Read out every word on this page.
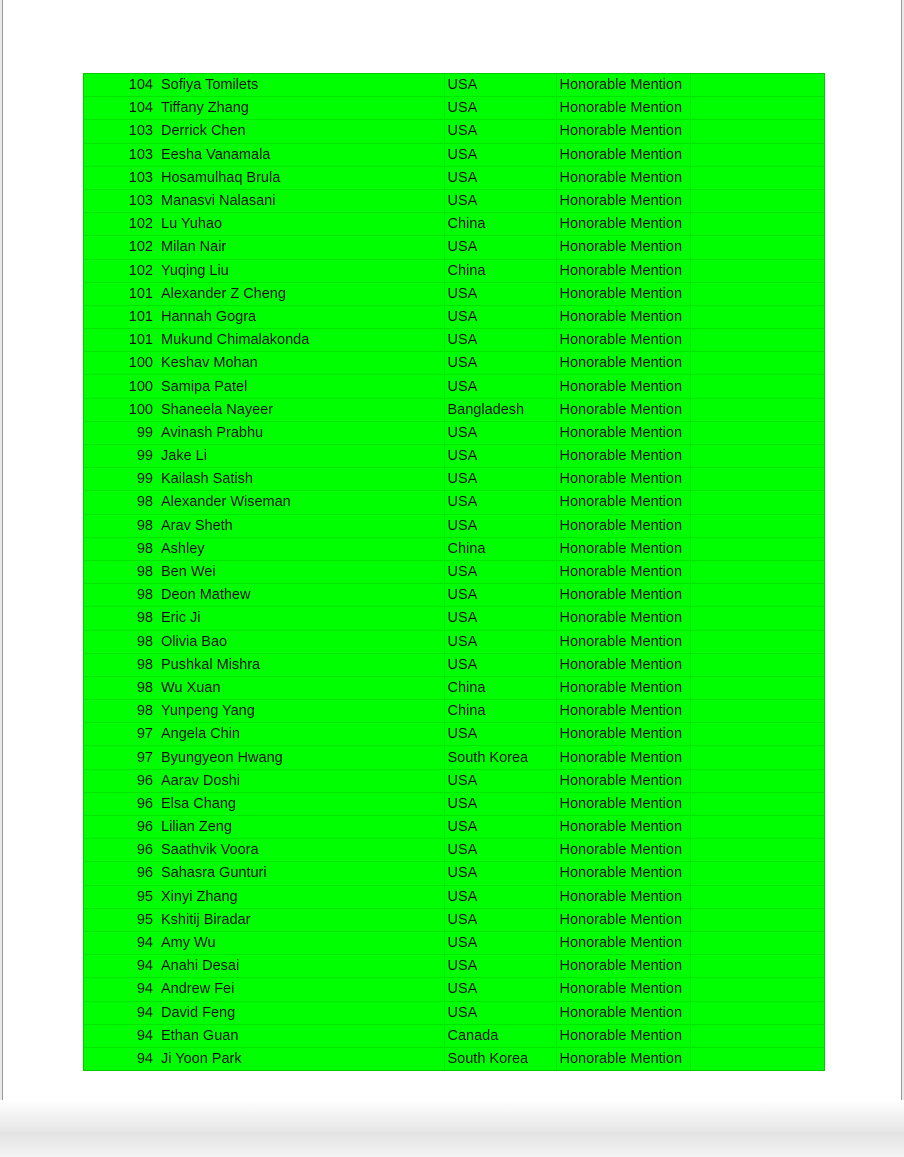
104	Sofiya Tomilets	USA	Honorable Mention	
104	Tiffany Zhang	USA	Honorable Mention	
103	Derrick Chen	USA	Honorable Mention	
103	Eesha Vanamala	USA	Honorable Mention	
103	Hosamulhaq Brula	USA	Honorable Mention	
103	Manasvi Nalasani	USA	Honorable Mention	
102	Lu Yuhao	China	Honorable Mention	
102	Milan Nair	USA	Honorable Mention	
102	Yuqing Liu	China	Honorable Mention	
101	Alexander Z Cheng	USA	Honorable Mention	
101	Hannah Gogra	USA	Honorable Mention	
101	Mukund Chimalakonda	USA	Honorable Mention	
100	Keshav Mohan	USA	Honorable Mention	
100	Samipa Patel	USA	Honorable Mention	
100	Shaneela Nayeer	Bangladesh	Honorable Mention	
99	Avinash Prabhu	USA	Honorable Mention	
99	Jake Li	USA	Honorable Mention	
99	Kailash Satish	USA	Honorable Mention	
98	Alexander Wiseman	USA	Honorable Mention	
98	Arav Sheth	USA	Honorable Mention	
98	Ashley	China	Honorable Mention	
98	Ben Wei	USA	Honorable Mention	
98	Deon Mathew	USA	Honorable Mention	
98	Eric Ji	USA	Honorable Mention	
98	Olivia Bao	USA	Honorable Mention	
98	Pushkal Mishra	USA	Honorable Mention	
98	Wu Xuan	China	Honorable Mention	
98	Yunpeng Yang	China	Honorable Mention	
97	Angela Chin	USA	Honorable Mention	
97	Byungyeon Hwang	South Korea	Honorable Mention	
96	Aarav Doshi	USA	Honorable Mention	
96	Elsa Chang	USA	Honorable Mention	
96	Lilian Zeng	USA	Honorable Mention	
96	Saathvik Voora	USA	Honorable Mention	
96	Sahasra Gunturi	USA	Honorable Mention	
95	Xinyi Zhang	USA	Honorable Mention	
95	Kshitij Biradar	USA	Honorable Mention	
94	Amy Wu	USA	Honorable Mention	
94	Anahi Desai	USA	Honorable Mention	
94	Andrew Fei	USA	Honorable Mention	
94	David Feng	USA	Honorable Mention	
94	Ethan Guan	Canada	Honorable Mention	
94	Ji Yoon Park	South Korea	Honorable Mention	
